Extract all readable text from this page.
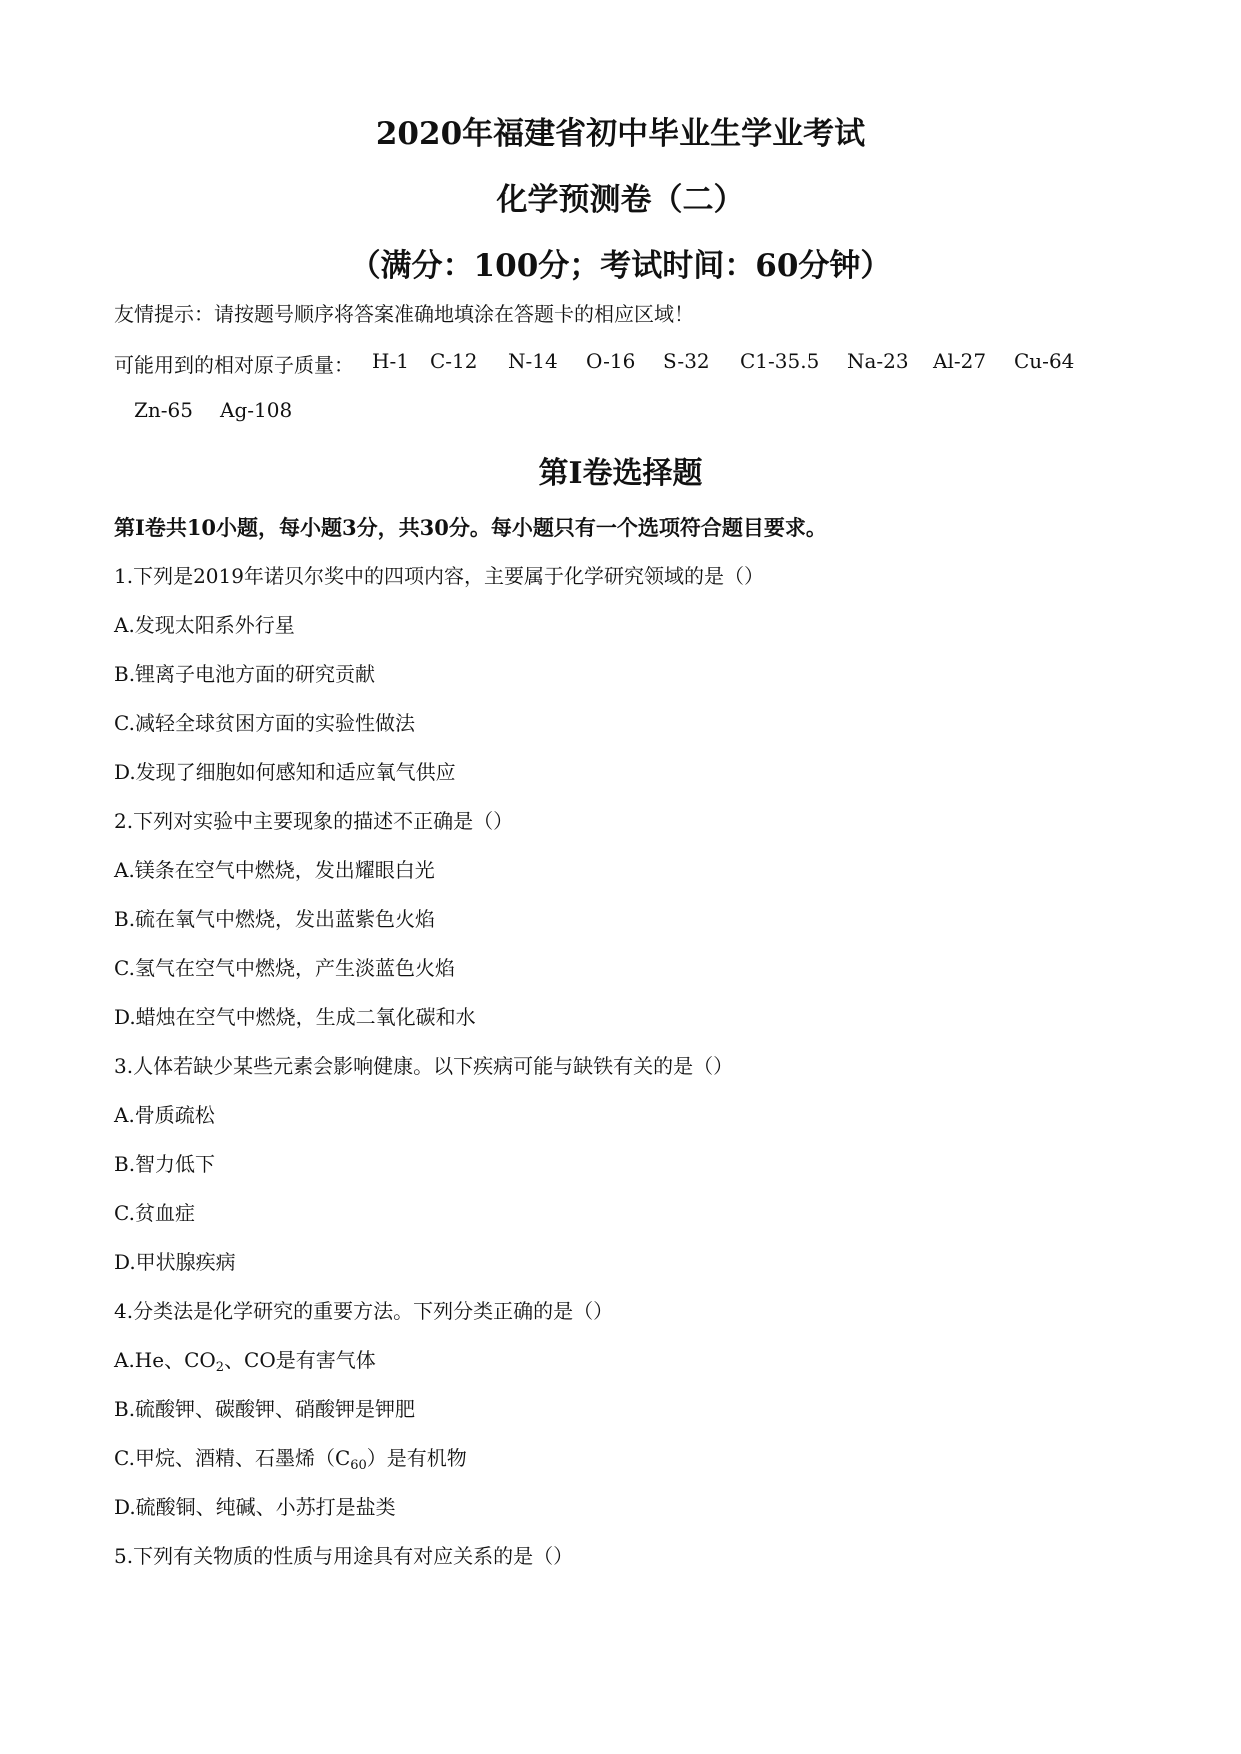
2020年福建省初中毕业生学业考试
化学预测卷（二）
（满分：100分；考试时间：60分钟）
友情提示：请按题号顺序将答案准确地填涂在答题卡的相应区域！
可能用到的相对原子质量： H-1 C-12 N-14 O-16 S-32 C1-35.5 Na-23 Al-27 Cu-64
Zn-65 Ag-108
第I卷选择题
第Ⅰ卷共10小题，每小题3分，共30分。每小题只有一个选项符合题目要求。
1.下列是2019年诺贝尔奖中的四项内容，主要属于化学研究领域的是（）
A.发现太阳系外行星
B.锂离子电池方面的研究贡献
C.减轻全球贫困方面的实验性做法
D.发现了细胞如何感知和适应氧气供应
2.下列对实验中主要现象的描述不正确是（）
A.镁条在空气中燃烧，发出耀眼白光
B.硫在氧气中燃烧，发出蓝紫色火焰
C.氢气在空气中燃烧，产生淡蓝色火焰
D.蜡烛在空气中燃烧，生成二氧化碳和水
3.人体若缺少某些元素会影响健康。以下疾病可能与缺铁有关的是（）
A.骨质疏松
B.智力低下
C.贫血症
D.甲状腺疾病
4.分类法是化学研究的重要方法。下列分类正确的是（）
A.He、$CO_2$、CO是有害气体
B.硫酸钾、碳酸钾、硝酸钾是钾肥
C.甲烷、酒精、石墨烯$(C_{60})$是有机物
D.硫酸铜、纯碱、小苏打是盐类
5.下列有关物质的性质与用途具有对应关系的是（）
